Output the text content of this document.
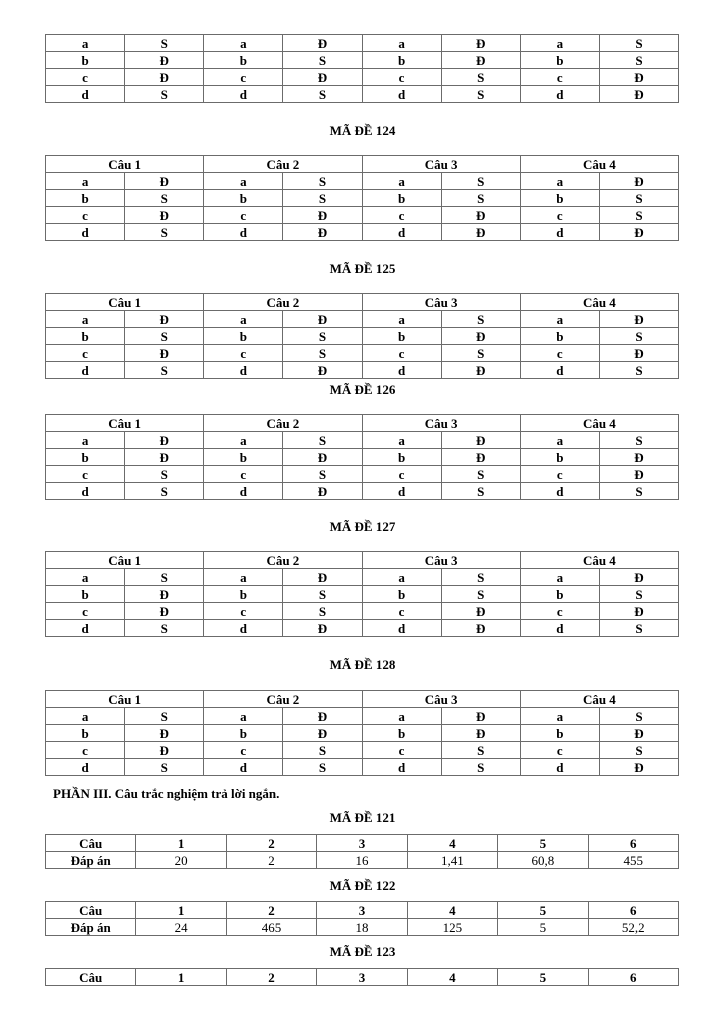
a	S	a	Đ	a	Đ	a	S
b	Đ	b	S	b	Đ	b	S
c	Đ	c	Đ	c	S	c	Đ
d	S	d	S	d	S	d	Đ
MÃ ĐỀ 124
Câu 1		Câu 2		Câu 3		Câu 4	
a	Đ	a	S	a	S	a	Đ
b	S	b	S	b	S	b	S
c	Đ	c	Đ	c	Đ	c	S
d	S	d	Đ	d	Đ	d	Đ
MÃ ĐỀ 125
Câu 1		Câu 2		Câu 3		Câu 4	
a	Đ	a	Đ	a	S	a	Đ
b	S	b	S	b	Đ	b	S
c	Đ	c	S	c	S	c	Đ
d	S	d	Đ	d	Đ	d	S
MÃ ĐỀ 126
Câu 1		Câu 2		Câu 3		Câu 4	
a	Đ	a	S	a	Đ	a	S
b	Đ	b	Đ	b	Đ	b	Đ
c	S	c	S	c	S	c	Đ
d	S	d	Đ	d	S	d	S
MÃ ĐỀ 127
Câu 1		Câu 2		Câu 3		Câu 4	
a	S	a	Đ	a	S	a	Đ
b	Đ	b	S	b	S	b	S
c	Đ	c	S	c	Đ	c	Đ
d	S	d	Đ	d	Đ	d	S
MÃ ĐỀ 128
Câu 1		Câu 2		Câu 3		Câu 4	
a	S	a	Đ	a	Đ	a	S
b	Đ	b	Đ	b	Đ	b	Đ
c	Đ	c	S	c	S	c	S
d	S	d	S	d	S	d	Đ
PHẦN III. Câu trắc nghiệm trả lời ngắn.
MÃ ĐỀ 121
Câu	1	2	3	4	5	6
Đáp án	20	2	16	1,41	60,8	455
MÃ ĐỀ 122
Câu	1	2	3	4	5	6
Đáp án	24	465	18	125	5	52,2
MÃ ĐỀ 123
Câu	1	2	3	4	5	6
